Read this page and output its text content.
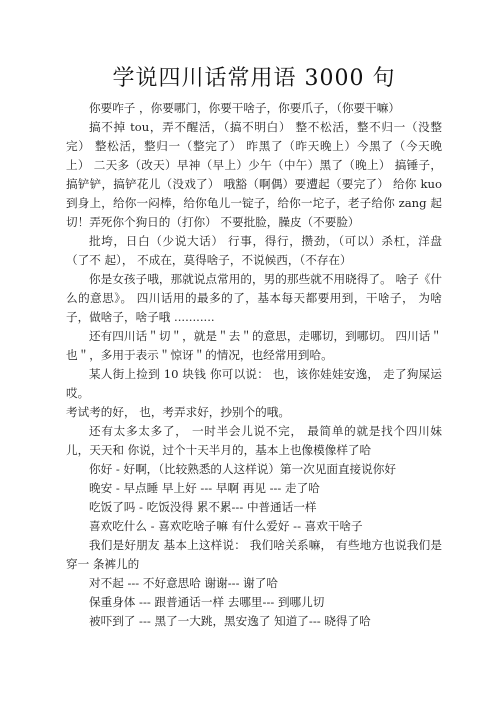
学说四川话常用语 3000 句

你要咋子 ，你要哪门，你要干啥子，你要爪子，（你要干嘛）

搞不掉 tou，弄不醒活，（搞不明白） 整不松活，整不归一（没整完） 整松活，整归一（整完了） 昨黑了（昨天晚上）今黑了（今天晚上） 二天多（改天）早神（早上）少午（中午）黑了（晚上） 搞锤子，搞铲铲，搞铲花儿（没戏了） 哦豁（啊偶）要遭起（要完了） 给你 kuo 到身上，给你一闷棒，给你龟儿一锭子，给你一坨子，老子给你 zang 起切！弄死你个狗日的（打你） 不要批脸，臊皮（不要脸）

批垮，日白（少说大话） 行事，得行，攒劲，（可以）杀杠，洋盘（了不 起）， 不成在，莫得啥子，不说候西，（不存在）

你是女孩子哦，那就说点常用的，男的那些就不用晓得了。 啥子《什么的意思》。 四川话用的最多的了，基本每天都要用到，干啥子， 为啥子，做啥子，啥子哦 ...........

还有四川话＂切＂，就是＂去＂的意思，走哪切，到哪切。 四川话＂也＂，多用于表示＂惊讶＂的情况，也经常用到哈。

某人街上捡到 10 块钱 你可以说： 也，该你娃娃安逸， 走了狗屎运哎。

考试考的好， 也，考弄求好，抄别个的哦。

还有太多太多了， 一时半会儿说不完， 最简单的就是找个四川妹儿，天天和 你说，过个十天半月的，基本上也像模像样了哈

你好 - 好啊，（比较熟悉的人这样说）第一次见面直接说你好

晚安 - 早点睡 早上好 --- 早啊 再见 --- 走了哈

吃饭了吗 - 吃饭没得 累不累--- 中普通话一样

喜欢吃什么 - 喜欢吃啥子嘛 有什么爱好 -- 喜欢干啥子

我们是好朋友 基本上这样说： 我们啥关系嘛， 有些地方也说我们是穿一 条裤儿的

对不起 --- 不好意思哈 谢谢--- 谢了哈

保重身体 --- 跟普通话一样 去哪里--- 到哪儿切

被吓到了 --- 黑了一大跳，黑安逸了 知道了--- 晓得了哈
